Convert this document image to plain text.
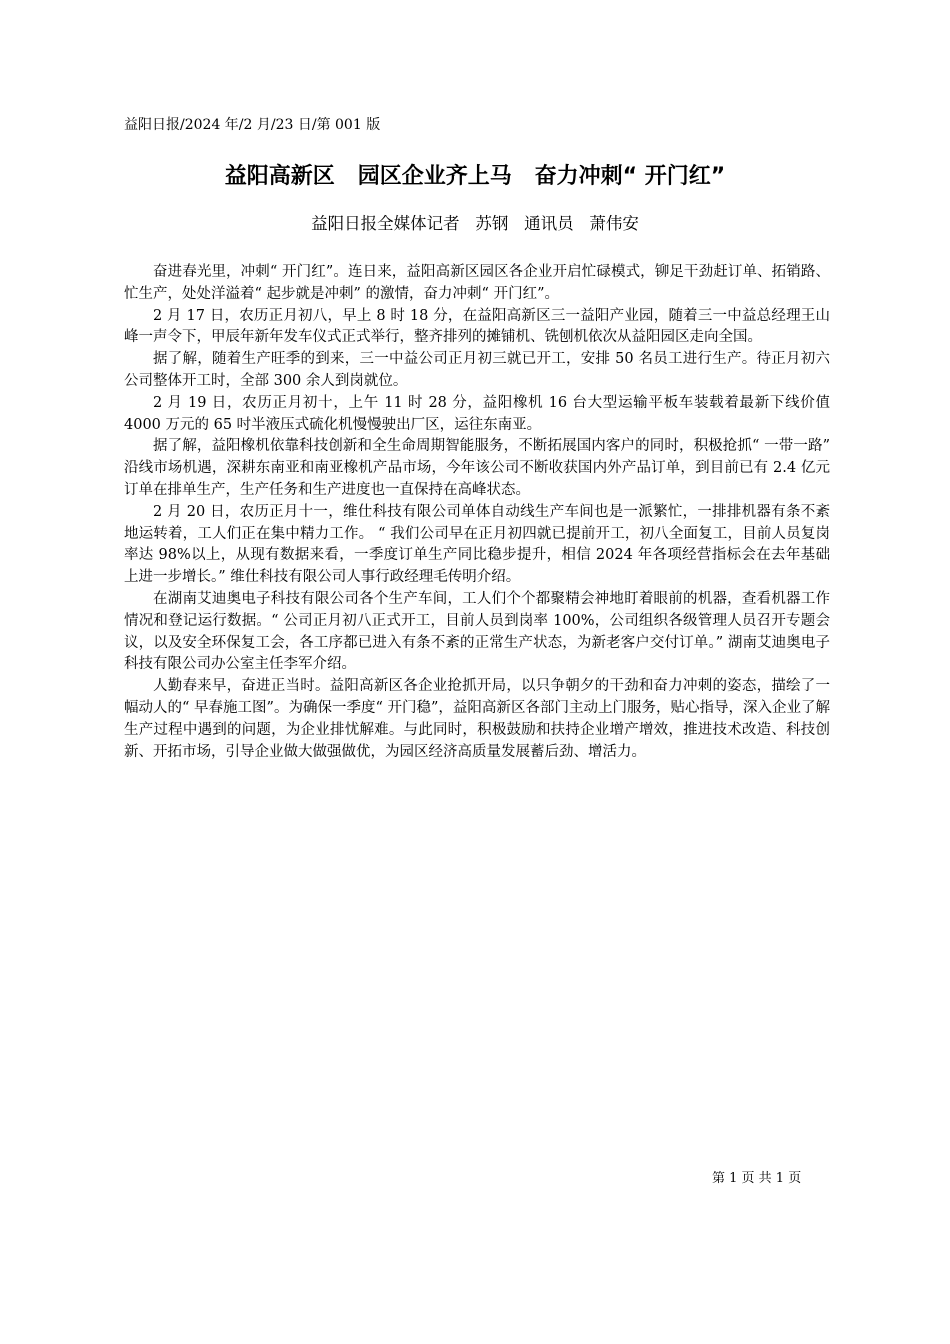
益阳日报/2024 年/2 月/23 日/第 001 版
益阳高新区   园区企业齐上马   奋力冲刺“ 开门红”
益阳日报全媒体记者   苏钢   通讯员   萧伟安

奋进春光里，冲刺“ 开门红”。连日来，益阳高新区园区各企业开启忙碌模式，铆足干劲赶订单、拓销路、忙生产，处处洋溢着“ 起步就是冲刺” 的激情，奋力冲刺“ 开门红”。

2 月 17 日，农历正月初八，早上 8 时 18 分，在益阳高新区三一益阳产业园，随着三一中益总经理王山峰一声令下，甲辰年新年发车仪式正式举行，整齐排列的摊铺机、铣刨机依次从益阳园区走向全国。

据了解，随着生产旺季的到来，三一中益公司正月初三就已开工，安排 50 名员工进行生产。待正月初六公司整体开工时，全部 300 余人到岗就位。

2 月 19 日，农历正月初十，上午 11 时 28 分，益阳橡机 16 台大型运输平板车装载着最新下线价值 4000 万元的 65 吋半液压式硫化机慢慢驶出厂区，运往东南亚。

据了解，益阳橡机依靠科技创新和全生命周期智能服务，不断拓展国内客户的同时，积极抢抓“ 一带一路” 沿线市场机遇，深耕东南亚和南亚橡机产品市场，今年该公司不断收获国内外产品订单，到目前已有 2.4 亿元订单在排单生产，生产任务和生产进度也一直保持在高峰状态。

2 月 20 日，农历正月十一，维仕科技有限公司单体自动线生产车间也是一派繁忙，一排排机器有条不紊地运转着，工人们正在集中精力工作。 “ 我们公司早在正月初四就已提前开工，初八全面复工，目前人员复岗率达 98%以上，从现有数据来看，一季度订单生产同比稳步提升，相信 2024 年各项经营指标会在去年基础上进一步增长。” 维仕科技有限公司人事行政经理毛传明介绍。

在湖南艾迪奥电子科技有限公司各个生产车间，工人们个个都聚精会神地盯着眼前的机器，查看机器工作情况和登记运行数据。“ 公司正月初八正式开工，目前人员到岗率 100%，公司组织各级管理人员召开专题会议，以及安全环保复工会，各工序都已进入有条不紊的正常生产状态，为新老客户交付订单。” 湖南艾迪奥电子科技有限公司办公室主任李军介绍。

人勤春来早，奋进正当时。益阳高新区各企业抢抓开局，以只争朝夕的干劲和奋力冲刺的姿态，描绘了一幅动人的“ 早春施工图”。为确保一季度“ 开门稳”，益阳高新区各部门主动上门服务，贴心指导，深入企业了解生产过程中遇到的问题，为企业排忧解难。与此同时，积极鼓励和扶持企业增产增效，推进技术改造、科技创新、开拓市场，引导企业做大做强做优，为园区经济高质量发展蓄后劲、增活力。

第 1 页 共 1 页
